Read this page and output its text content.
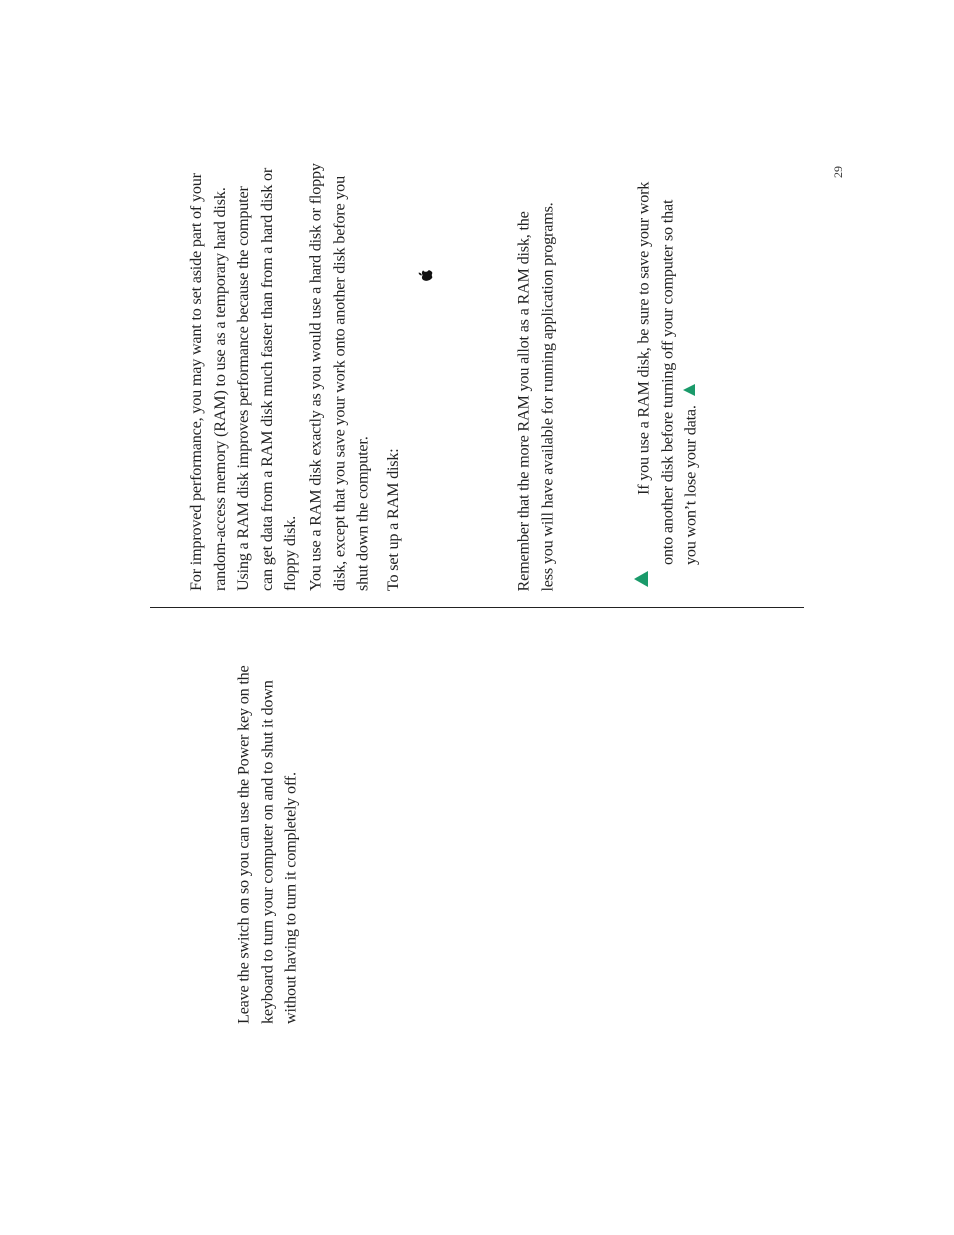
29

For improved performance, you may want to set aside part of your random-access memory (RAM) to use as a temporary hard disk. Using a RAM disk improves performance because the computer can get data from a RAM disk much faster than from a hard disk or floppy disk. You use a RAM disk exactly as you would use a hard disk or floppy disk, except that you save your work onto another disk before you shut down the computer. To set up a RAM disk:	Remember that the more RAM you allot as a RAM disk, the less you will have available for running application programs.	If you use a RAM disk, be sure to save your work onto another disk before turning off your computer so that you won’t lose your data.

Leave the switch on so you can use the Power key on the keyboard to turn your computer on and to shut it down without having to turn it completely off.
